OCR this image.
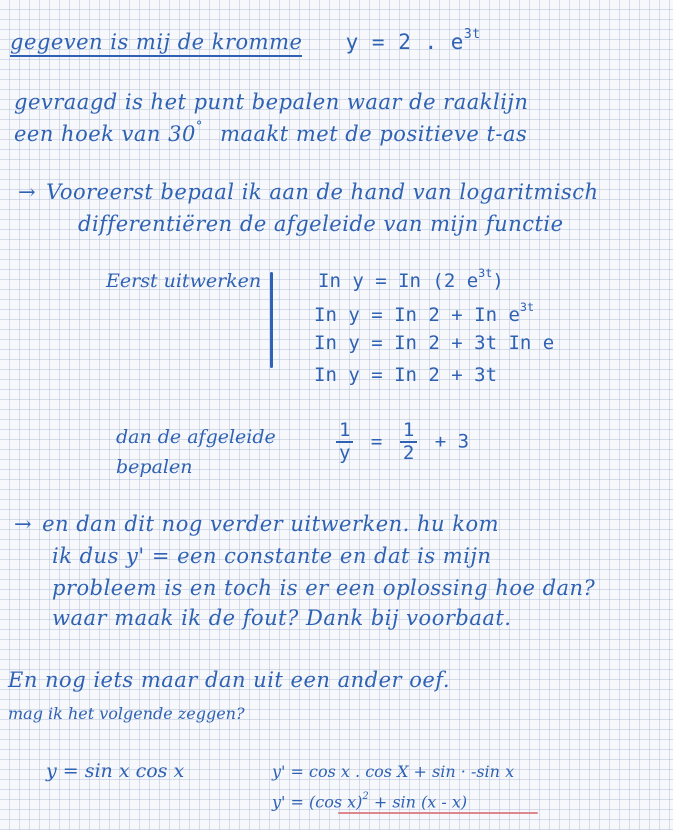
gegeven is mij de kromme y = 2 . $e^{3t}$
gevraagd is het punt bepalen waar de raaklijn
een hoek van 30° maakt met de positieve t-as
→ Vooreerst bepaal ik aan de hand van logaritmisch
differentiëren de afgeleide van mijn functie
Eerst uitwerken	In y = In (2 $e^{3t}$)
In y = In 2 + In $e^{3t}$
In y = In 2 + 3t In e
In y = In 2 + 3t
dan de afgeleide
bepalen
$\frac{1}{y} = \frac{1}{2} + 3$
→ en dan dit nog verder uitwerken. hu kom
ik dus y' = een constante en dat is mijn
probleem is en toch is er een oplossing hoe dan?
waar maak ik de fout? Dank bij voorbaat.
En nog iets maar dan uit een ander oef.
mag ik het volgende zeggen?
y = sin x cos x	y' = cos x . cos X + sin · -sin x
y' = (cos x)$^2$ + sin (x - x)
